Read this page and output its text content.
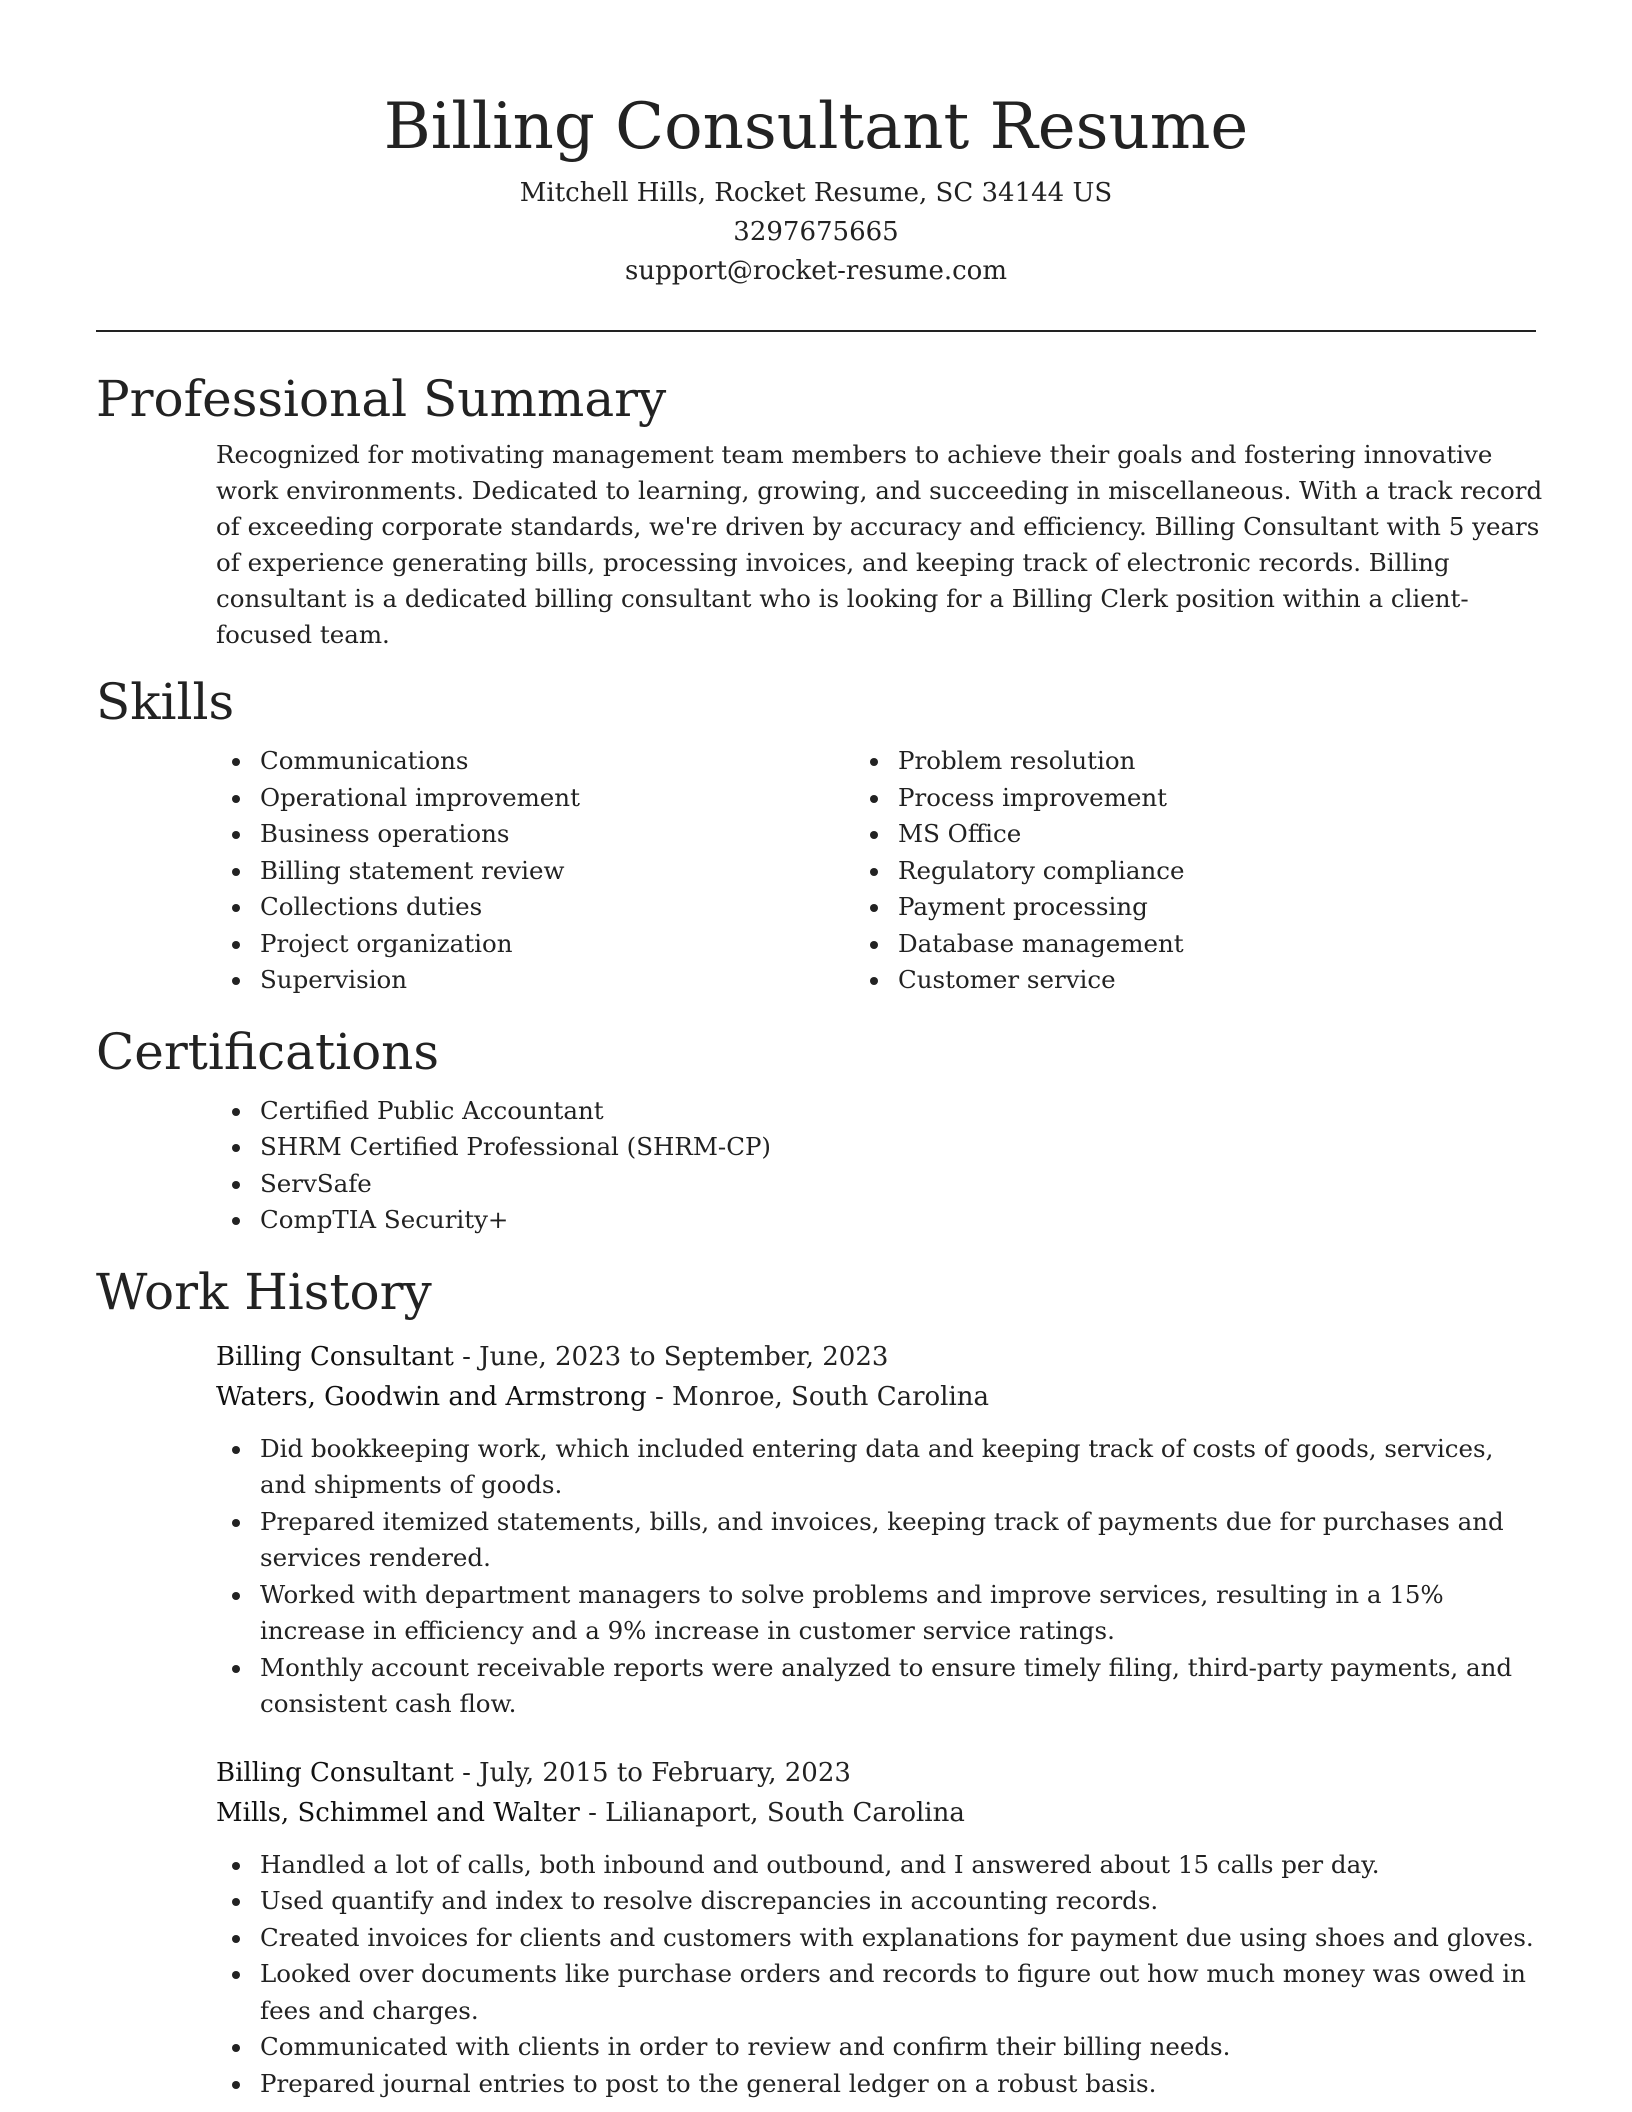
Billing Consultant Resume

Mitchell Hills, Rocket Resume, SC 34144 US

3297675665

support@rocket-resume.com

Professional Summary

Recognized for motivating management team members to achieve their goals and fostering innovative work environments. Dedicated to learning, growing, and succeeding in miscellaneous. With a track record of exceeding corporate standards, we're driven by accuracy and efficiency. Billing Consultant with 5 years of experience generating bills, processing invoices, and keeping track of electronic records. Billing consultant is a dedicated billing consultant who is looking for a Billing Clerk position within a client-focused team.

Skills
Communications
Operational improvement
Business operations
Billing statement review
Collections duties
Project organization
Supervision
Problem resolution
Process improvement
MS Office
Regulatory compliance
Payment processing
Database management
Customer service
Certifications
Certified Public Accountant
SHRM Certified Professional (SHRM-CP)
ServSafe
CompTIA Security+
Work History

Billing Consultant - June, 2023 to September, 2023

Waters, Goodwin and Armstrong - Monroe, South Carolina

Did bookkeeping work, which included entering data and keeping track of costs of goods, services, and shipments of goods.
Prepared itemized statements, bills, and invoices, keeping track of payments due for purchases and services rendered.
Worked with department managers to solve problems and improve services, resulting in a 15% increase in efficiency and a 9% increase in customer service ratings.
Monthly account receivable reports were analyzed to ensure timely filing, third-party payments, and consistent cash flow.

Billing Consultant - July, 2015 to February, 2023

Mills, Schimmel and Walter - Lilianaport, South Carolina

Handled a lot of calls, both inbound and outbound, and I answered about 15 calls per day.
Used quantify and index to resolve discrepancies in accounting records.
Created invoices for clients and customers with explanations for payment due using shoes and gloves.
Looked over documents like purchase orders and records to figure out how much money was owed in fees and charges.
Communicated with clients in order to review and confirm their billing needs.
Prepared journal entries to post to the general ledger on a robust basis.
